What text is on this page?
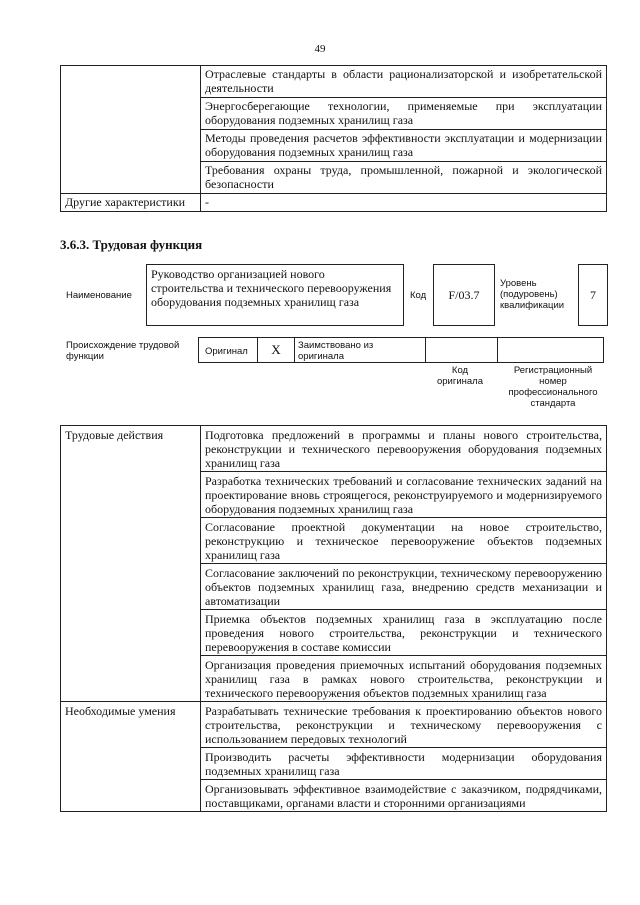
49
	Отраслевые стандарты в области рационализаторской и изобретательской деятельности
	Энергосберегающие технологии, применяемые при эксплуатации оборудования подземных хранилищ газа
	Методы проведения расчетов эффективности эксплуатации и модернизации оборудования подземных хранилищ газа
	Требования охраны труда, промышленной, пожарной и экологической безопасности
Другие характеристики	-
3.6.3. Трудовая функция
Наименование
Руководство организацией нового строительства и технического перевооружения оборудования подземных хранилищ газа	Код	F/03.7
Уровень (подуровень) квалификации
7
Происхождение трудовой функции	Оригинал	X	Заимствовано из оригинала
Код оригинала
Регистрационный номер профессионального стандарта
Трудовые действия	Подготовка предложений в программы и планы нового строительства, реконструкции и технического перевооружения оборудования подземных хранилищ газа
	Разработка технических требований и согласование технических заданий на проектирование вновь строящегося, реконструируемого и модернизируемого оборудования подземных хранилищ газа
	Согласование проектной документации на новое строительство, реконструкцию и техническое перевооружение объектов подземных хранилищ газа
	Согласование заключений по реконструкции, техническому перевооружению объектов подземных хранилищ газа, внедрению средств механизации и автоматизации
	Приемка объектов подземных хранилищ газа в эксплуатацию после проведения нового строительства, реконструкции и технического перевооружения в составе комиссии
	Организация проведения приемочных испытаний оборудования подземных хранилищ газа в рамках нового строительства, реконструкции и технического перевооружения объектов подземных хранилищ газа
Необходимые умения	Разрабатывать технические требования к проектированию объектов нового строительства, реконструкции и техническому перевооружения с использованием передовых технологий
	Производить расчеты эффективности модернизации оборудования подземных хранилищ газа
	Организовывать эффективное взаимодействие с заказчиком, подрядчиками, поставщиками, органами власти и сторонними организациями
